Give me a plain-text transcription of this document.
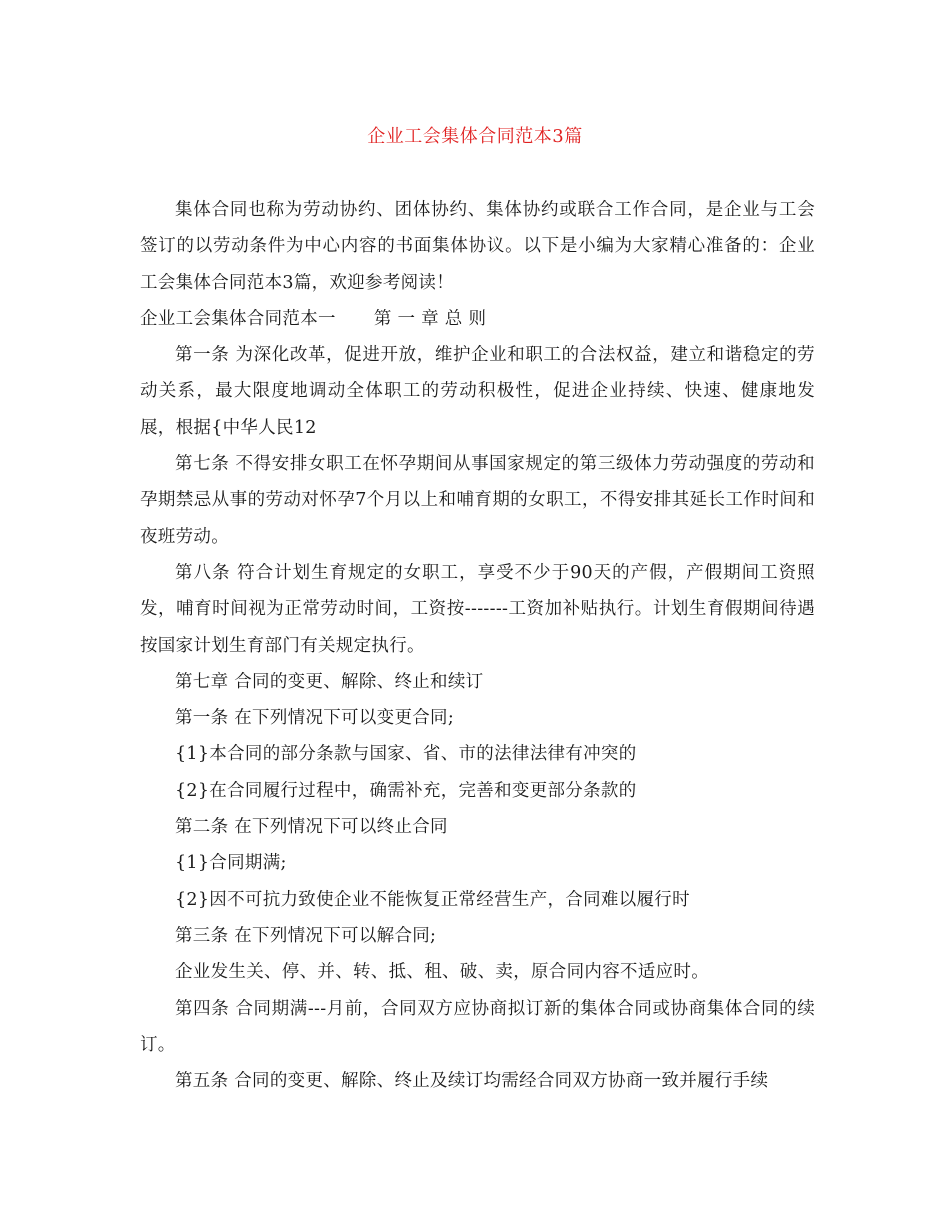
企业工会集体合同范本3篇

集体合同也称为劳动协约、团体协约、集体协约或联合工作合同，是企业与工会签订的以劳动条件为中心内容的书面集体协议。以下是小编为大家精心准备的：企业工会集体合同范本3篇，欢迎参考阅读！

企业工会集体合同范本一 第 一 章 总 则

第一条 为深化改革，促进开放，维护企业和职工的合法权益，建立和谐稳定的劳动关系，最大限度地调动全体职工的劳动积极性，促进企业持续、快速、健康地发展，根据{中华人民12

第七条 不得安排女职工在怀孕期间从事国家规定的第三级体力劳动强度的劳动和孕期禁忌从事的劳动对怀孕7个月以上和哺育期的女职工，不得安排其延长工作时间和夜班劳动。

第八条 符合计划生育规定的女职工，享受不少于90天的产假，产假期间工资照发，哺育时间视为正常劳动时间，工资按-------工资加补贴执行。计划生育假期间待遇按国家计划生育部门有关规定执行。

第七章 合同的变更、解除、终止和续订

第一条 在下列情况下可以变更合同;

{1}本合同的部分条款与国家、省、市的法律法律有冲突的

{2}在合同履行过程中，确需补充，完善和变更部分条款的

第二条 在下列情况下可以终止合同

{1}合同期满;

{2}因不可抗力致使企业不能恢复正常经营生产，合同难以履行时

第三条 在下列情况下可以解合同;

企业发生关、停、并、转、抵、租、破、卖，原合同内容不适应时。

第四条 合同期满---月前，合同双方应协商拟订新的集体合同或协商集体合同的续订。

第五条 合同的变更、解除、终止及续订均需经合同双方协商一致并履行手续
